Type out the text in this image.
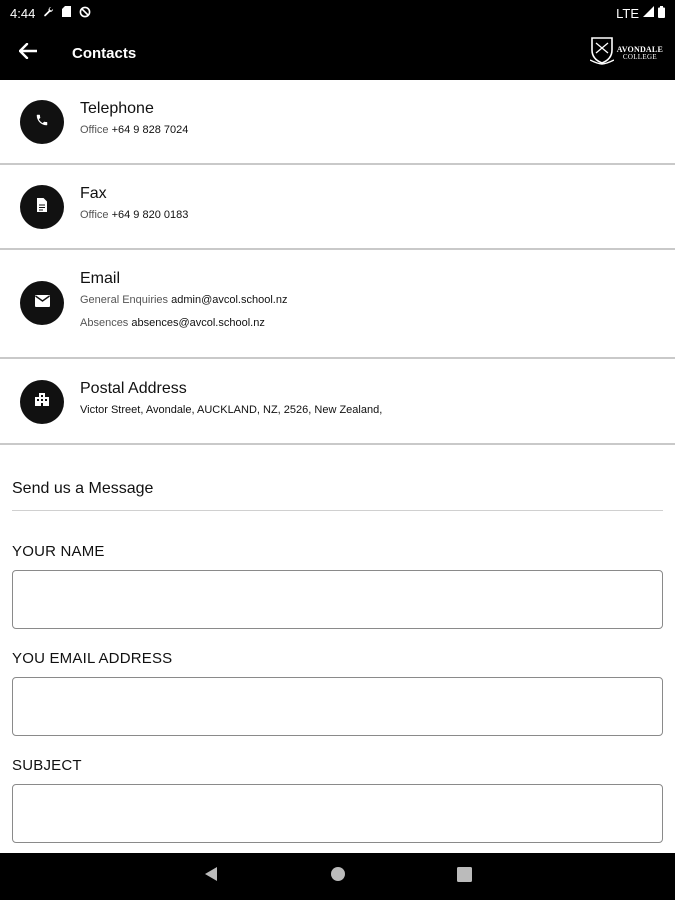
4:44	LTE
Contacts	AVONDALE
COLLEGE
Telephone
Office +64 9 828 7024
Fax
Office +64 9 820 0183
Email
General Enquiries admin@avcol.school.nz
Absences absences@avcol.school.nz
Postal Address
Victor Street, Avondale, AUCKLAND, NZ, 2526, New Zealand,
Send us a Message
YOUR NAME
YOU EMAIL ADDRESS
SUBJECT
